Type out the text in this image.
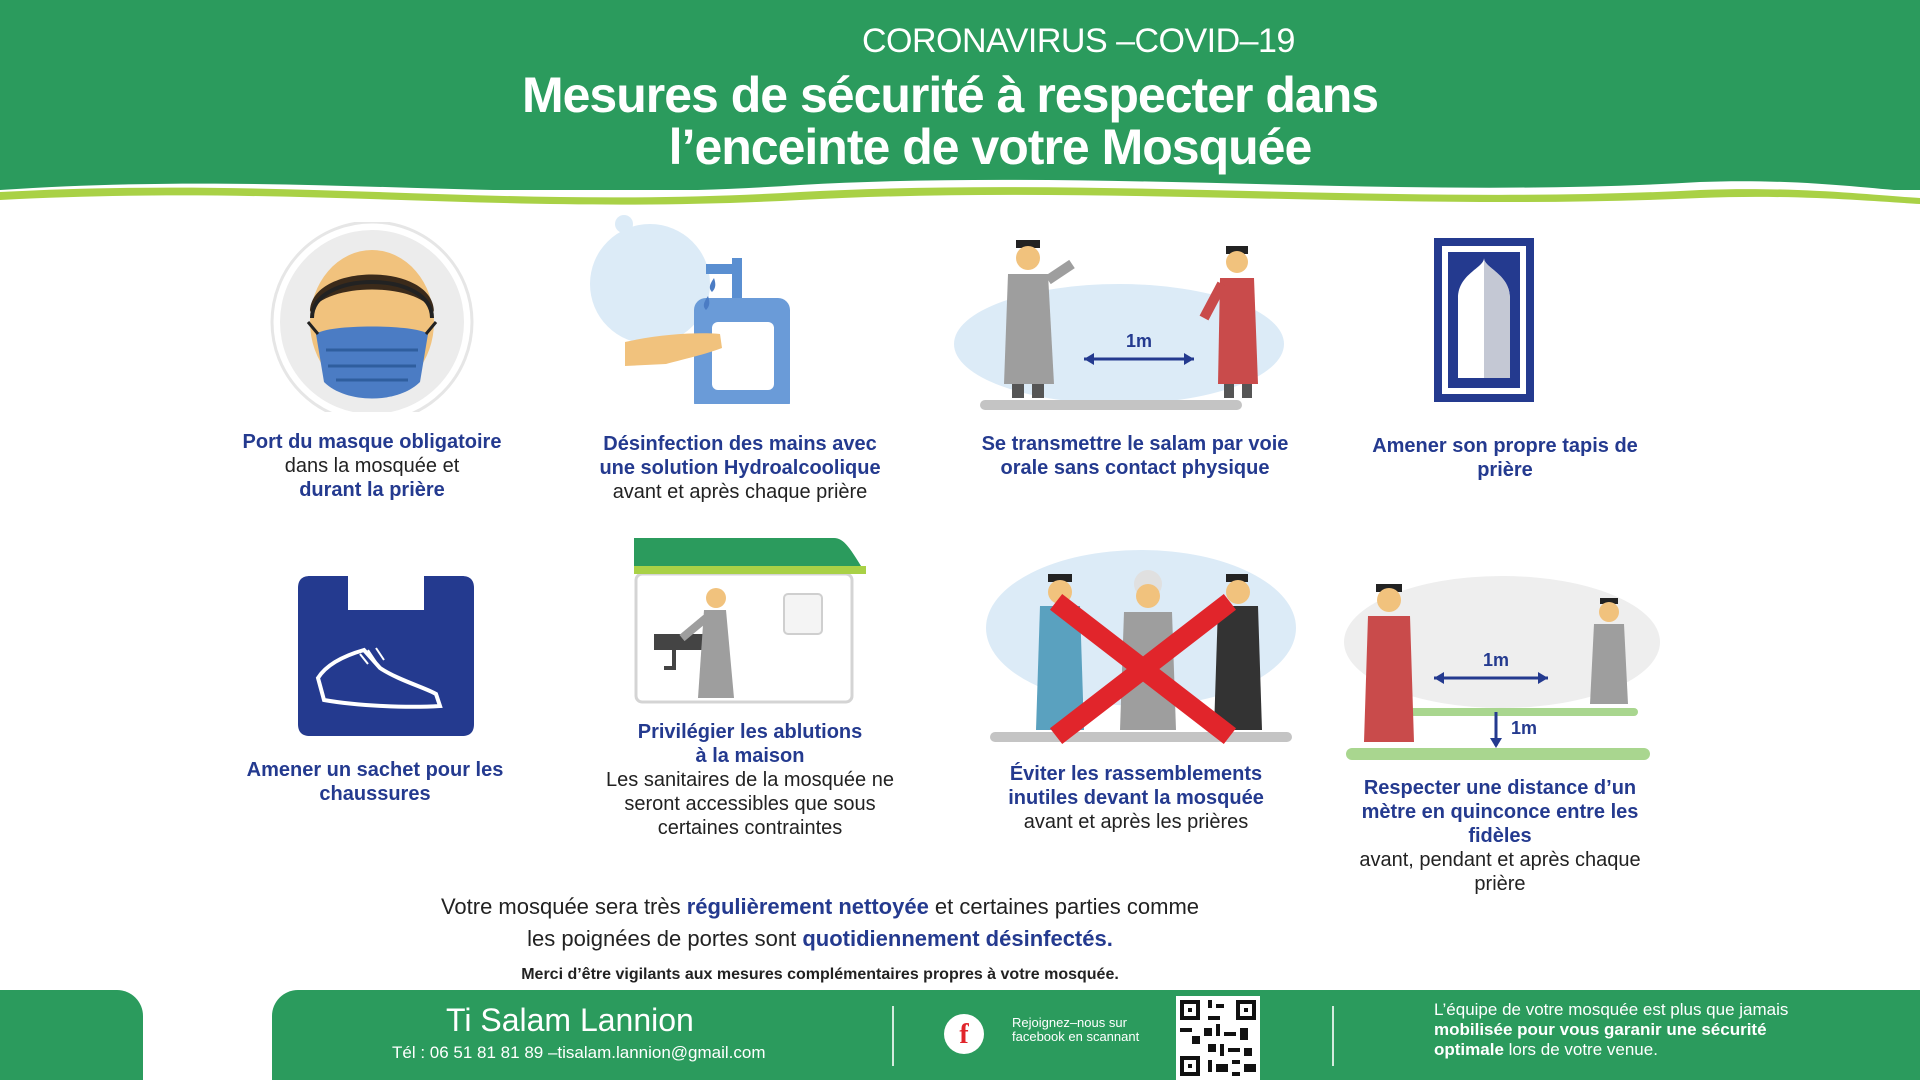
CORONAVIRUS –COVID–19
Mesures de sécurité à respecter dans
l’enceinte de votre Mosquée
Port du masque obligatoire
dans la mosquée et
durant la prière
Désinfection des mains avec
une solution Hydroalcoolique
avant et après chaque prière
1m
Se transmettre le salam par voie
orale sans contact physique
Amener son propre tapis de
prière
Amener un sachet pour les
chaussures
Privilégier les ablutions
à la maison
Les sanitaires de la mosquée ne
seront accessibles que sous
certaines contraintes
Éviter les rassemblements
inutiles devant la mosquée
avant et après les prières
1m
1m
Respecter une distance d’un
mètre en quinconce entre les
fidèles
avant, pendant et après chaque
prière
Votre mosquée sera très régulièrement nettoyée et certaines parties comme
les poignées de portes sont quotidiennement désinfectés.
Merci d’être vigilants aux mesures complémentaires propres à votre mosquée.
Ti Salam Lannion
Tél : 06 51 81 81 89 –tisalam.lannion@gmail.com
f	Rejoignez–nous sur
facebook en scannant
L’équipe de votre mosquée est plus que jamais
mobilisée pour vous garanir une sécurité
optimale lors de votre venue.
